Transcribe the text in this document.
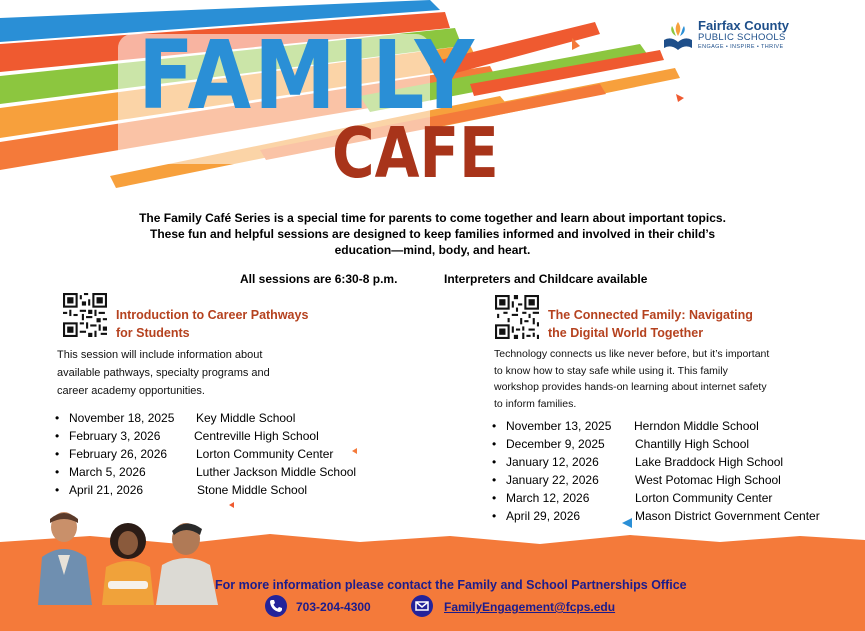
FAMILY
CAFE
Fairfax County
PUBLIC SCHOOLS
ENGAGE • INSPIRE • THRIVE
The Family Café Series is a special time for parents to come together and learn about important topics.
These fun and helpful sessions are designed to keep families informed and involved in their child’s
education—mind, body, and heart.
All sessions are 6:30-8 p.m.	Interpreters and Childcare available
Introduction to Career Pathways
for Students
This session will include information about
available pathways, specialty programs and
career academy opportunities.
• November 18, 2025 Key Middle School
• February 3, 2026	Centreville High School
• February 26, 2026 Lorton Community Center
• March 5, 2026	Luther Jackson Middle School
• April 21, 2026	Stone Middle School
The Connected Family: Navigating
the Digital World Together
Technology connects us like never before, but it’s important
to know how to stay safe while using it. This family
workshop provides hands-on learning about internet safety
to inform families.
• November 13, 2025 Herndon Middle School
• December 9, 2025	Chantilly High School
• January 12, 2026	Lake Braddock High School
• January 22, 2026	West Potomac High School
• March 12, 2026	Lorton Community Center
• April 29, 2026	Mason District Government Center
For more information please contact the Family and School Partnerships Office
703-204-4300	FamilyEngagement@fcps.edu
